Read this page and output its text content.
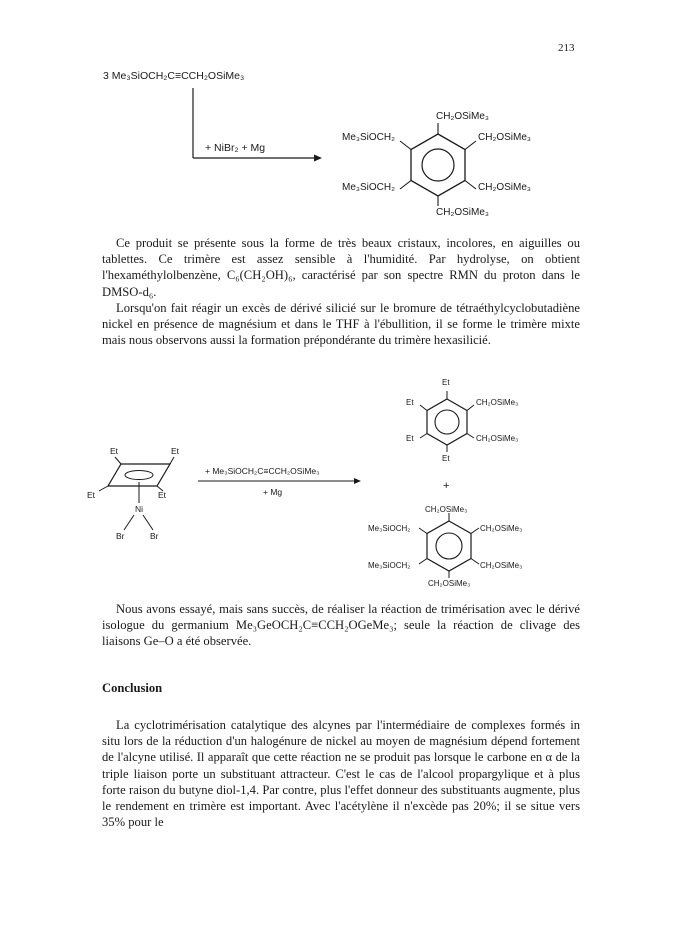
213
3 Me₃SiOCH₂C≡CCH₂OSiMe₃
+ NiBr₂ + Mg
CH₂OSiMe₃
Me₃SiOCH₂	CH₂OSiMe₃
Me₃SiOCH₂	CH₂OSiMe₃
CH₂OSiMe₃

Ce produit se présente sous la forme de très beaux cristaux, incolores, en aiguilles ou tablettes. Ce trimère est assez sensible à l'humidité. Par hydrolyse, on obtient l'hexaméthylolbenzène, C₆(CH₂OH)₆, caractérisé par son spectre RMN du proton dans le DMSO-d₆.

Lorsqu'on fait réagir un excès de dérivé silicié sur le bromure de tétraéthylcyclobutadiène nickel en présence de magnésium et dans le THF à l'ébullition, il se forme le trimère mixte mais nous observons aussi la formation prépondérante du trimère hexasilicié.

Et	Et
Et	Et
Ni
Br	Br
+ Me₃SiOCH₂C≡CCH₂OSiMe₃
+ Mg
Et
Et	CH₂OSiMe₃
Et	CH₂OSiMe₃
Et
+
CH₂OSiMe₃
Me₃SiOCH₂	CH₂OSiMe₃
Me₃SiOCH₂	CH₂OSiMe₃
CH₂OSiMe₃

Nous avons essayé, mais sans succès, de réaliser la réaction de trimérisation avec le dérivé isologue du germanium Me₃GeOCH₂C≡CCH₂OGeMe₃; seule la réaction de clivage des liaisons Ge–O a été observée.

Conclusion

La cyclotrimérisation catalytique des alcynes par l'intermédiaire de complexes formés in situ lors de la réduction d'un halogénure de nickel au moyen de magnésium dépend fortement de l'alcyne utilisé. Il apparaît que cette réaction ne se produit pas lorsque le carbone en α de la triple liaison porte un substituant attracteur. C'est le cas de l'alcool propargylique et à plus forte raison du butyne diol-1,4. Par contre, plus l'effet donneur des substituants augmente, plus le rendement en trimère est important. Avec l'acétylène il n'excède pas 20%; il se situe vers 35% pour le
